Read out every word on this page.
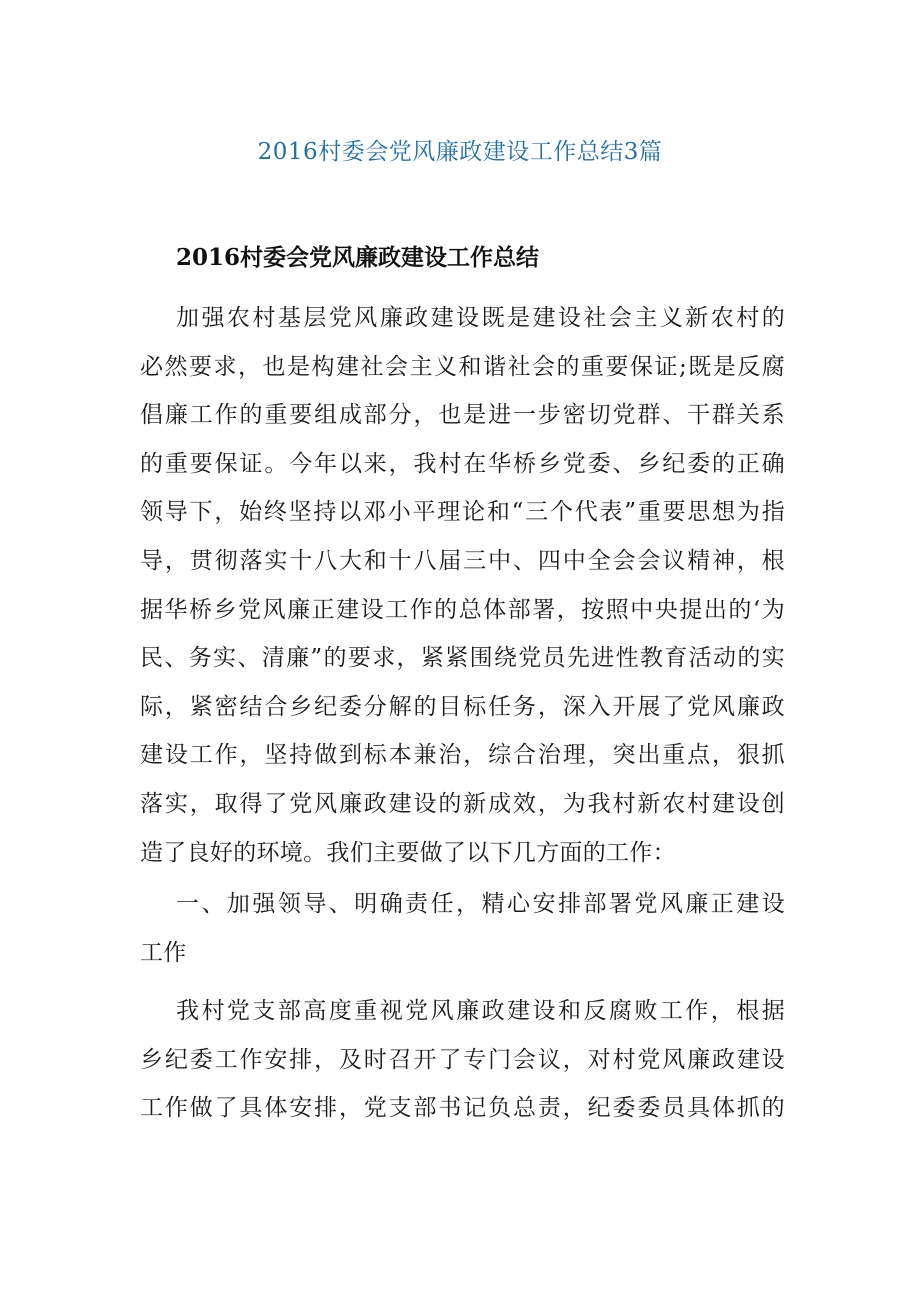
2016村委会党风廉政建设工作总结3篇
2016村委会党风廉政建设工作总结
加强农村基层党风廉政建设既是建设社会主义新农村的
必然要求，也是构建社会主义和谐社会的重要保证;既是反腐
倡廉工作的重要组成部分，也是进一步密切党群、干群关系
的重要保证。今年以来，我村在华桥乡党委、乡纪委的正确
领导下，始终坚持以邓小平理论和“三个代表”重要思想为指
导，贯彻落实十八大和十八届三中、四中全会会议精神，根
据华桥乡党风廉正建设工作的总体部署，按照中央提出的‘为
民、务实、清廉”的要求，紧紧围绕党员先进性教育活动的实
际，紧密结合乡纪委分解的目标任务，深入开展了党风廉政
建设工作，坚持做到标本兼治，综合治理，突出重点，狠抓
落实，取得了党风廉政建设的新成效，为我村新农村建设创
造了良好的环境。我们主要做了以下几方面的工作：
一、加强领导、明确责任，精心安排部署党风廉正建设
工作
我村党支部高度重视党风廉政建设和反腐败工作，根据
乡纪委工作安排，及时召开了专门会议，对村党风廉政建设
工作做了具体安排，党支部书记负总责，纪委委员具体抓的
